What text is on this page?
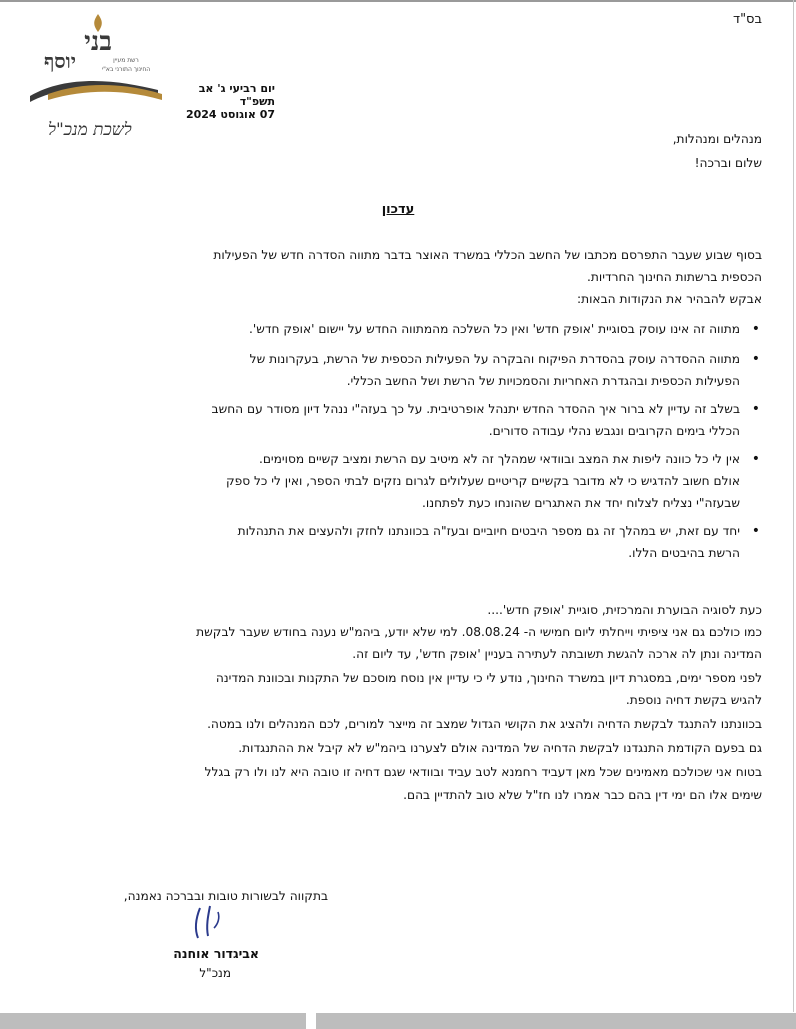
בס"ד
בני
יוסף	רשת מעיין
החינוך התורני בא"י
לשכת מנכ"ל
יום רביעי ג' אב תשפ"ד
07 אוגוסט 2024
מנהלים ומנהלות,
שלום וברכה!
עדכון
בסוף שבוע שעבר התפרסם מכתבו של החשב הכללי במשרד האוצר בדבר מתווה הסדרה חדש של הפעילות
הכספית ברשתות החינוך החרדיות.
אבקש להבהיר את הנקודות הבאות:
• מתווה זה אינו עוסק בסוגיית 'אופק חדש' ואין כל השלכה מהמתווה החדש על יישום 'אופק חדש'.
• מתווה ההסדרה עוסק בהסדרת הפיקוח והבקרה על הפעילות הכספית של הרשת, בעקרונות של
הפעילות הכספית ובהגדרת האחריות והסמכויות של הרשת ושל החשב הכללי.
• בשלב זה עדיין לא ברור איך ההסדר החדש יתנהל אופרטיבית. על כך בעזה"י ננהל דיון מסודר עם החשב
הכללי בימים הקרובים ונגבש נהלי עבודה סדורים.
• אין לי כל כוונה ליפות את המצב ובוודאי שמהלך זה לא מיטיב עם הרשת ומציב קשיים מסוימים.
אולם חשוב להדגיש כי לא מדובר בקשיים קריטיים שעלולים לגרום נזקים לבתי הספר, ואין לי כל ספק
שבעזה"י נצליח לצלוח יחד את האתגרים שהונחו כעת לפתחנו.
• יחד עם זאת, יש במהלך זה גם מספר היבטים חיוביים ובעז"ה בכוונתנו לחזק ולהעצים את התנהלות
הרשת בהיבטים הללו.
כעת לסוגיה הבוערת והמרכזית, סוגיית 'אופק חדש'....
כמו כולכם גם אני ציפיתי וייחלתי ליום חמישי ה- 08.08.24. למי שלא יודע, ביהמ"ש נענה בחודש שעבר לבקשת
המדינה ונתן לה ארכה להגשת תשובתה לעתירה בעניין 'אופק חדש', עד ליום זה.
לפני מספר ימים, במסגרת דיון במשרד החינוך, נודע לי כי עדיין אין נוסח מוסכם של התקנות ובכוונת המדינה
להגיש בקשת דחיה נוספת.
בכוונתנו להתנגד לבקשת הדחיה ולהציג את הקושי הגדול שמצב זה מייצר למורים, לכם המנהלים ולנו במטה.
גם בפעם הקודמת התנגדנו לבקשת הדחיה של המדינה אולם לצערנו ביהמ"ש לא קיבל את ההתנגדות.
בטוח אני שכולכם מאמינים שכל מאן דעביד רחמנא לטב עביד ובוודאי שגם דחיה זו טובה היא לנו ולו רק בגלל
שימים אלו הם ימי דין בהם כבר אמרו לנו חז"ל שלא טוב להתדיין בהם.
בתקווה לבשורות טובות ובברכה נאמנה,
אביגדור אוחנה
מנכ"ל
